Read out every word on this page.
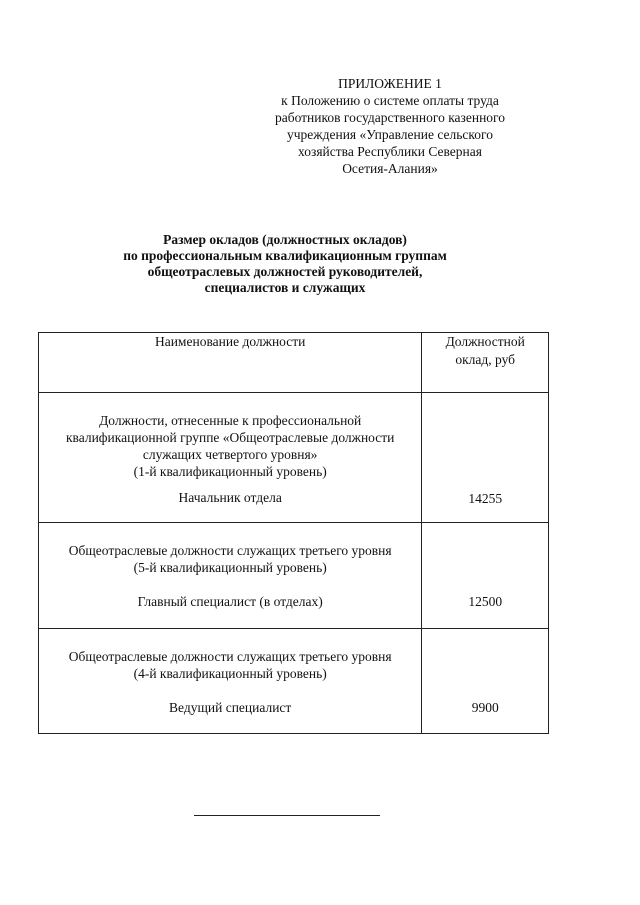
ПРИЛОЖЕНИЕ 1
к Положению о системе оплаты труда
работников государственного казенного
учреждения «Управление сельского
хозяйства Республики Северная
Осетия-Алания»
Размер окладов (должностных окладов)
по профессиональным квалификационным группам
общеотраслевых должностей руководителей,
специалистов и служащих
Наименование должности	Должностной
оклад, руб

Должности, отнесенные к профессиональной
квалификационной группе «Общеотраслевые должности
служащих четвертого уровня»
(1-й квалификационный уровень)
Начальник отдела	14255

Общеотраслевые должности служащих третьего уровня
(5-й квалификационный уровень)
Главный специалист (в отделах)	12500

Общеотраслевые должности служащих третьего уровня
(4-й квалификационный уровень)
Ведущий специалист	9900
